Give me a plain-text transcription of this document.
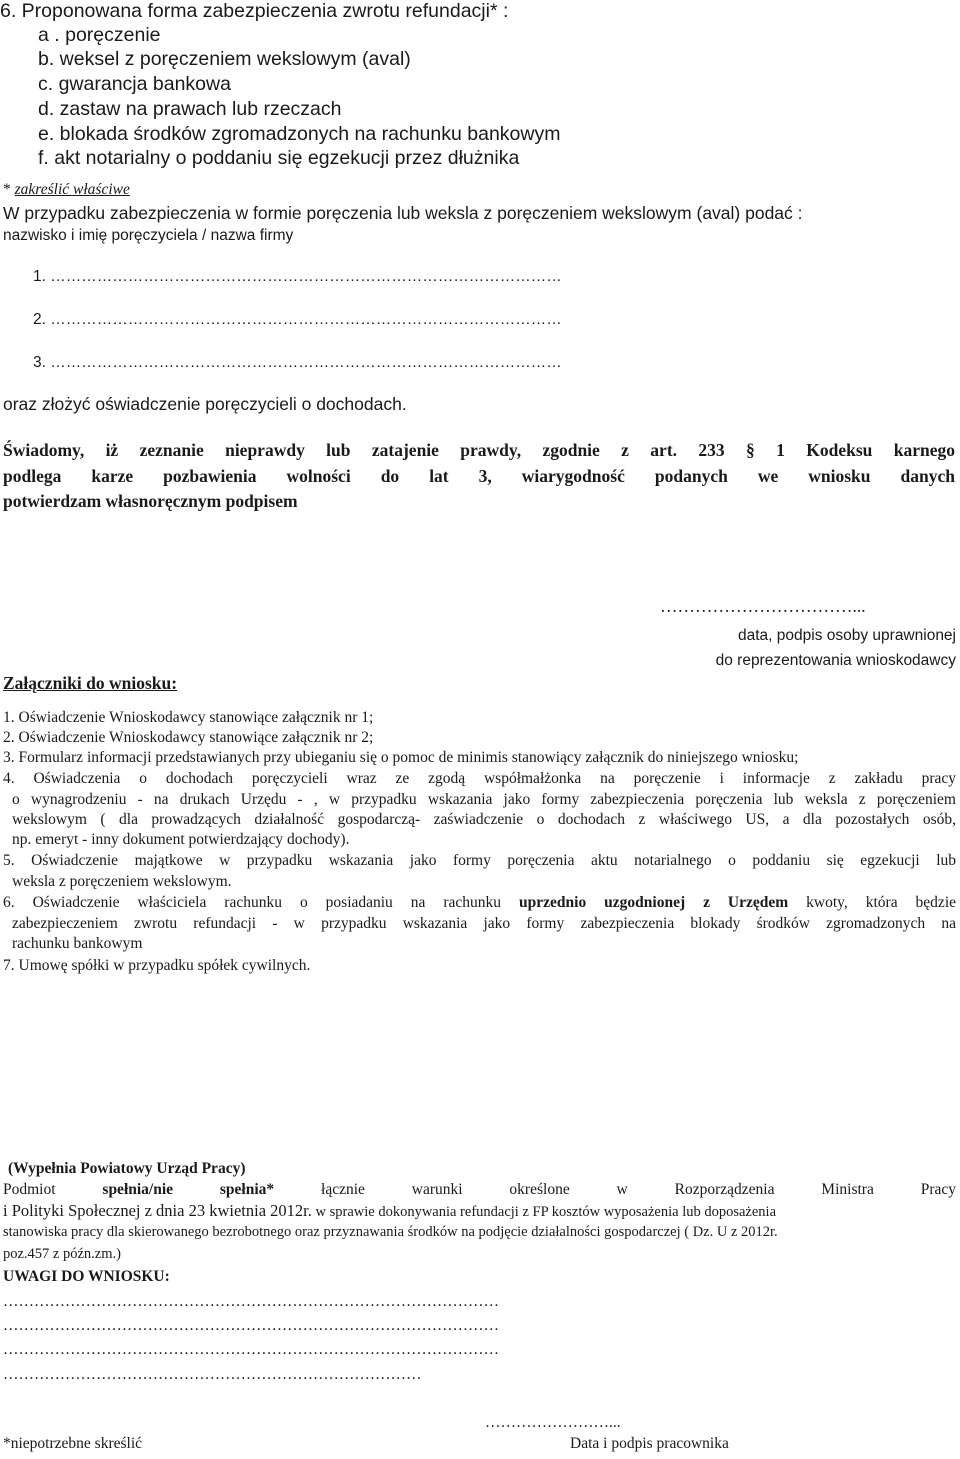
6. Proponowana forma zabezpieczenia zwrotu refundacji* :
a . poręczenie
b. weksel z poręczeniem wekslowym (aval)
c. gwarancja bankowa
d. zastaw na prawach lub rzeczach
e. blokada środków zgromadzonych na rachunku bankowym
f. akt notarialny o poddaniu się egzekucji przez dłużnika
* zakreślić właściwe
W przypadku zabezpieczenia w formie poręczenia lub weksla z poręczeniem wekslowym (aval) podać :
nazwisko i imię poręczyciela / nazwa firmy
1. ………………………………………………………………………………………
2. ………………………………………………………………………………………
3. ………………………………………………………………………………………
oraz złożyć oświadczenie poręczycieli o dochodach.
Świadomy, iż zeznanie nieprawdy lub zatajenie prawdy, zgodnie z art. 233 § 1 Kodeksu karnego
podlega karze pozbawienia wolności do lat 3, wiarygodność podanych we wniosku danych
potwierdzam własnoręcznym podpisem
……………………………...
data, podpis osoby uprawnionej
do reprezentowania wnioskodawcy
Załączniki do wniosku:
1. Oświadczenie Wnioskodawcy stanowiące załącznik nr 1;
2. Oświadczenie Wnioskodawcy stanowiące załącznik nr 2;
3. Formularz informacji przedstawianych przy ubieganiu się o pomoc de minimis stanowiący załącznik do niniejszego wniosku;
4. Oświadczenia o dochodach poręczycieli wraz ze zgodą współmałżonka na poręczenie i informacje z zakładu pracy
o wynagrodzeniu - na drukach Urzędu - , w przypadku wskazania jako formy zabezpieczenia poręczenia lub weksla z poręczeniem
wekslowym ( dla prowadzących działalność gospodarczą- zaświadczenie o dochodach z właściwego US, a dla pozostałych osób,
np. emeryt - inny dokument potwierdzający dochody).
5. Oświadczenie majątkowe w przypadku wskazania jako formy poręczenia aktu notarialnego o poddaniu się egzekucji lub
weksla z poręczeniem wekslowym.
6. Oświadczenie właściciela rachunku o posiadaniu na rachunku uprzednio uzgodnionej z Urzędem kwoty, która będzie
zabezpieczeniem zwrotu refundacji - w przypadku wskazania jako formy zabezpieczenia blokady środków zgromadzonych na
rachunku bankowym
7. Umowę spółki w przypadku spółek cywilnych.
(Wypełnia Powiatowy Urząd Pracy)
Podmiot spełnia/nie spełnia* łącznie warunki określone w Rozporządzenia Ministra Pracy
i Polityki Społecznej z dnia 23 kwietnia 2012r. w sprawie dokonywania refundacji z FP kosztów wyposażenia lub doposażenia
stanowiska pracy dla skierowanego bezrobotnego oraz przyznawania środków na podjęcie działalności gospodarczej ( Dz. U z 2012r.
poz.457 z późn.zm.)
UWAGI DO WNIOSKU:
……………………………………………………………………………………
……………………………………………………………………………………
……………………………………………………………………………………
………………………………………………………………………
……………………...
*niepotrzebne skreślić	Data i podpis pracownika
